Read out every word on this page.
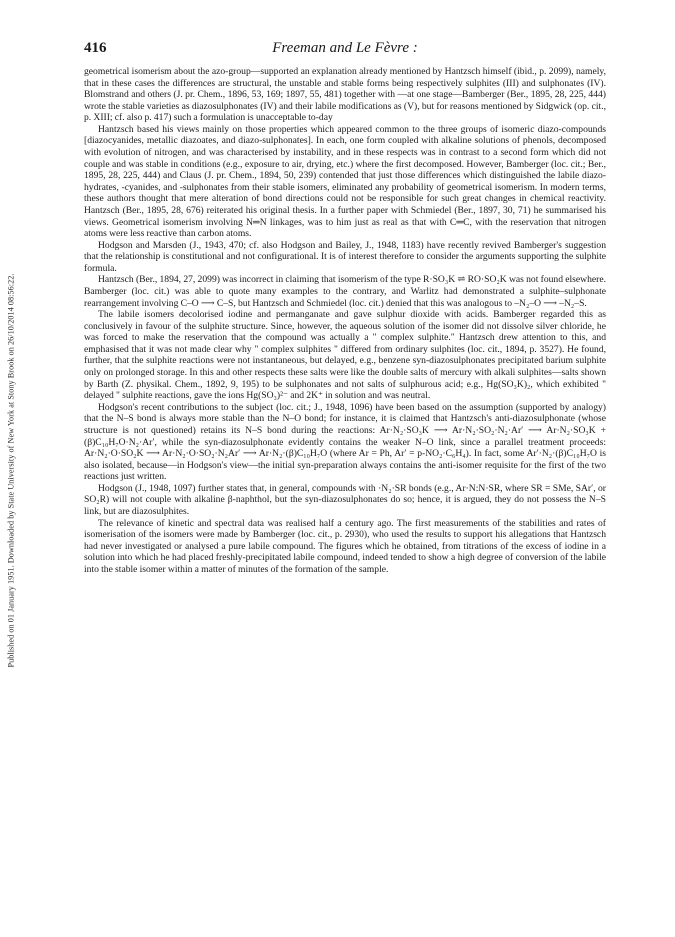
Published on 01 January 1951. Downloaded by State University of New York at Stony Brook on 26/10/2014 08:56:22.
416	Freeman and Le Fèvre :

geometrical isomerism about the azo-group—supported an explanation already mentioned by Hantzsch himself (ibid., p. 2099), namely, that in these cases the differences are structural, the unstable and stable forms being respectively sulphites (III) and sulphonates (IV). Blomstrand and others (J. pr. Chem., 1896, 53, 169; 1897, 55, 481) together with —at one stage—Bamberger (Ber., 1895, 28, 225, 444) wrote the stable varieties as diazosulphonates (IV) and their labile modifications as (V), but for reasons mentioned by Sidgwick (op. cit., p. XIII; cf. also p. 417) such a formulation is unacceptable to-day

Hantzsch based his views mainly on those properties which appeared common to the three groups of isomeric diazo-compounds [diazocyanides, metallic diazoates, and diazo-sulphonates]. In each, one form coupled with alkaline solutions of phenols, decomposed with evolution of nitrogen, and was characterised by instability, and in these respects was in contrast to a second form which did not couple and was stable in conditions (e.g., exposure to air, drying, etc.) where the first decomposed. However, Bamberger (loc. cit.; Ber., 1895, 28, 225, 444) and Claus (J. pr. Chem., 1894, 50, 239) contended that just those differences which distinguished the labile diazo-hydrates, -cyanides, and -sulphonates from their stable isomers, eliminated any probability of geometrical isomerism. In modern terms, these authors thought that mere alteration of bond directions could not be responsible for such great changes in chemical reactivity. Hantzsch (Ber., 1895, 28, 676) reiterated his original thesis. In a further paper with Schmiedel (Ber., 1897, 30, 71) he summarised his views. Geometrical isomerism involving N═N linkages, was to him just as real as that with C═C, with the reservation that nitrogen atoms were less reactive than carbon atoms.

Hodgson and Marsden (J., 1943, 470; cf. also Hodgson and Bailey, J., 1948, 1183) have recently revived Bamberger's suggestion that the relationship is constitutional and not configurational. It is of interest therefore to consider the arguments supporting the sulphite formula.

Hantzsch (Ber., 1894, 27, 2099) was incorrect in claiming that isomerism of the type R·SO₃K ⇌ RO·SO₂K was not found elsewhere. Bamberger (loc. cit.) was able to quote many examples to the contrary, and Warlitz had demonstrated a sulphite–sulphonate rearrangement involving C–O ⟶ C–S, but Hantzsch and Schmiedel (loc. cit.) denied that this was analogous to –N₂–O ⟶ –N₂–S.

The labile isomers decolorised iodine and permanganate and gave sulphur dioxide with acids. Bamberger regarded this as conclusively in favour of the sulphite structure. Since, however, the aqueous solution of the isomer did not dissolve silver chloride, he was forced to make the reservation that the compound was actually a " complex sulphite." Hantzsch drew attention to this, and emphasised that it was not made clear why " complex sulphites " differed from ordinary sulphites (loc. cit., 1894, p. 3527). He found, further, that the sulphite reactions were not instantaneous, but delayed, e.g., benzene syn-diazosulphonates precipitated barium sulphite only on prolonged storage. In this and other respects these salts were like the double salts of mercury with alkali sulphites—salts shown by Barth (Z. physikal. Chem., 1892, 9, 195) to be sulphonates and not salts of sulphurous acid; e.g., Hg(SO₃K)₂, which exhibited " delayed " sulphite reactions, gave the ions Hg(SO₃)²⁻ and 2K⁺ in solution and was neutral.

Hodgson's recent contributions to the subject (loc. cit.; J., 1948, 1096) have been based on the assumption (supported by analogy) that the N–S bond is always more stable than the N–O bond; for instance, it is claimed that Hantzsch's anti-diazosulphonate (whose structure is not questioned) retains its N–S bond during the reactions: Ar·N₂·SO₃K ⟶ Ar·N₂·SO₂·N₂·Ar′ ⟶ Ar·N₂·SO₃K + (β)C₁₀H₇O·N₂·Ar′, while the syn-diazosulphonate evidently contains the weaker N–O link, since a parallel treatment proceeds: Ar·N₂·O·SO₂K ⟶ Ar·N₂·O·SO₂·N₂Ar′ ⟶ Ar·N₂·(β)C₁₀H₇O (where Ar = Ph, Ar′ = p-NO₂·C₆H₄). In fact, some Ar′·N₂·(β)C₁₀H₇O is also isolated, because—in Hodgson's view—the initial syn-preparation always contains the anti-isomer requisite for the first of the two reactions just written.

Hodgson (J., 1948, 1097) further states that, in general, compounds with ·N₂·SR bonds (e.g., Ar·N:N·SR, where SR = SMe, SAr′, or SO₂R) will not couple with alkaline β-naphthol, but the syn-diazosulphonates do so; hence, it is argued, they do not possess the N–S link, but are diazosulphites.

The relevance of kinetic and spectral data was realised half a century ago. The first measurements of the stabilities and rates of isomerisation of the isomers were made by Bamberger (loc. cit., p. 2930), who used the results to support his allegations that Hantzsch had never investigated or analysed a pure labile compound. The figures which he obtained, from titrations of the excess of iodine in a solution into which he had placed freshly-precipitated labile compound, indeed tended to show a high degree of conversion of the labile into the stable isomer within a matter of minutes of the formation of the sample.
